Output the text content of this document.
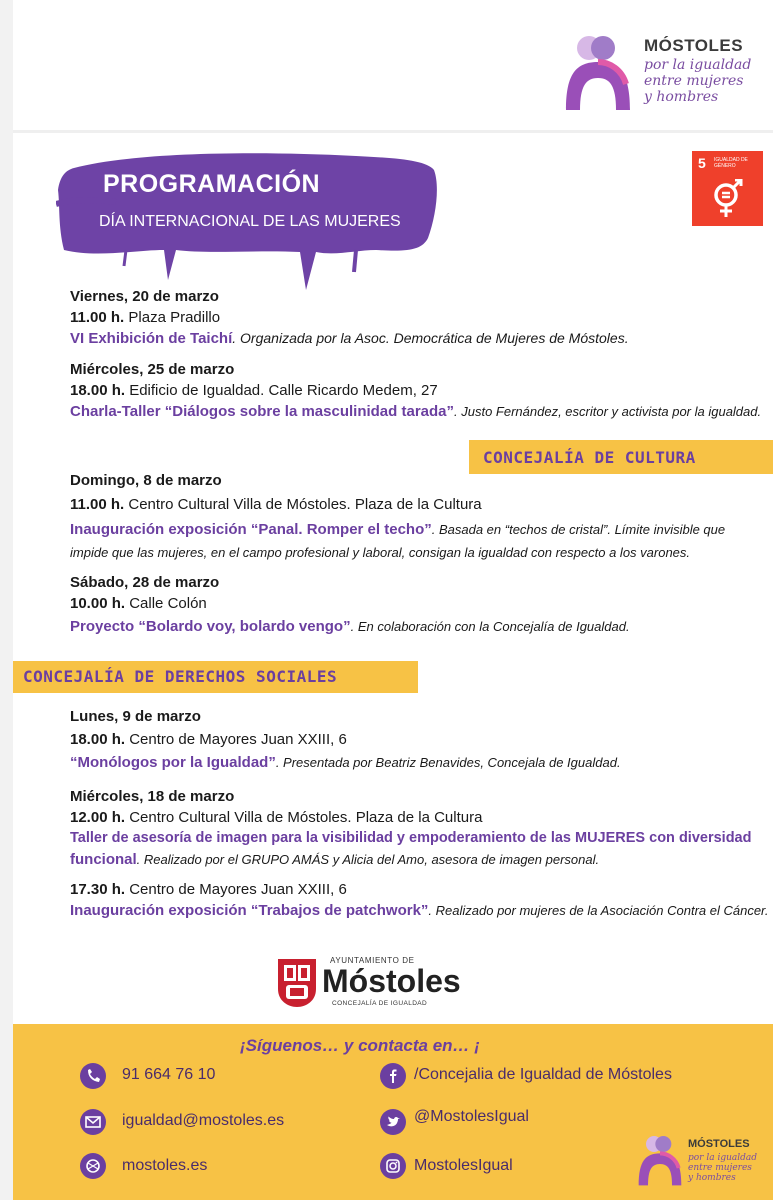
MÓSTOLES
por la igualdad
entre mujeres
y hombres
PROGRAMACIÓN
DÍA INTERNACIONAL DE LAS MUJERES
5 IGUALDAD DE GÉNERO
Viernes, 20 de marzo
11.00 h. Plaza Pradillo
VI Exhibición de Taichí. Organizada por la Asoc. Democrática de Mujeres de Móstoles.
Miércoles, 25 de marzo
18.00 h. Edificio de Igualdad. Calle Ricardo Medem, 27
Charla-Taller “Diálogos sobre la masculinidad tarada”. Justo Fernández, escritor y activista por la igualdad.
CONCEJALÍA DE CULTURA
Domingo, 8 de marzo
11.00 h. Centro Cultural Villa de Móstoles. Plaza de la Cultura
Inauguración exposición “Panal. Romper el techo”. Basada en “techos de cristal”. Límite invisible que
impide que las mujeres, en el campo profesional y laboral, consigan la igualdad con respecto a los varones.
Sábado, 28 de marzo
10.00 h. Calle Colón
Proyecto “Bolardo voy, bolardo vengo”. En colaboración con la Concejalía de Igualdad.
CONCEJALÍA DE DERECHOS SOCIALES
Lunes, 9 de marzo
18.00 h. Centro de Mayores Juan XXIII, 6
“Monólogos por la Igualdad”. Presentada por Beatriz Benavides, Concejala de Igualdad.
Miércoles, 18 de marzo
12.00 h. Centro Cultural Villa de Móstoles. Plaza de la Cultura
Taller de asesoría de imagen para la visibilidad y empoderamiento de las MUJERES con diversidad
funcional. Realizado por el GRUPO AMÁS y Alicia del Amo, asesora de imagen personal.
17.30 h. Centro de Mayores Juan XXIII, 6
Inauguración exposición “Trabajos de patchwork”. Realizado por mujeres de la Asociación Contra el Cáncer.
AYUNTAMIENTO DE
Móstoles
CONCEJALÍA DE IGUALDAD
¡Síguenos… y contacta en… ¡
91 664 76 10
igualdad@mostoles.es
mostoles.es
/Concejalia de Igualdad de Móstoles
@MostolesIgual
MostolesIgual
MÓSTOLES
por la igualdad
entre mujeres
y hombres
